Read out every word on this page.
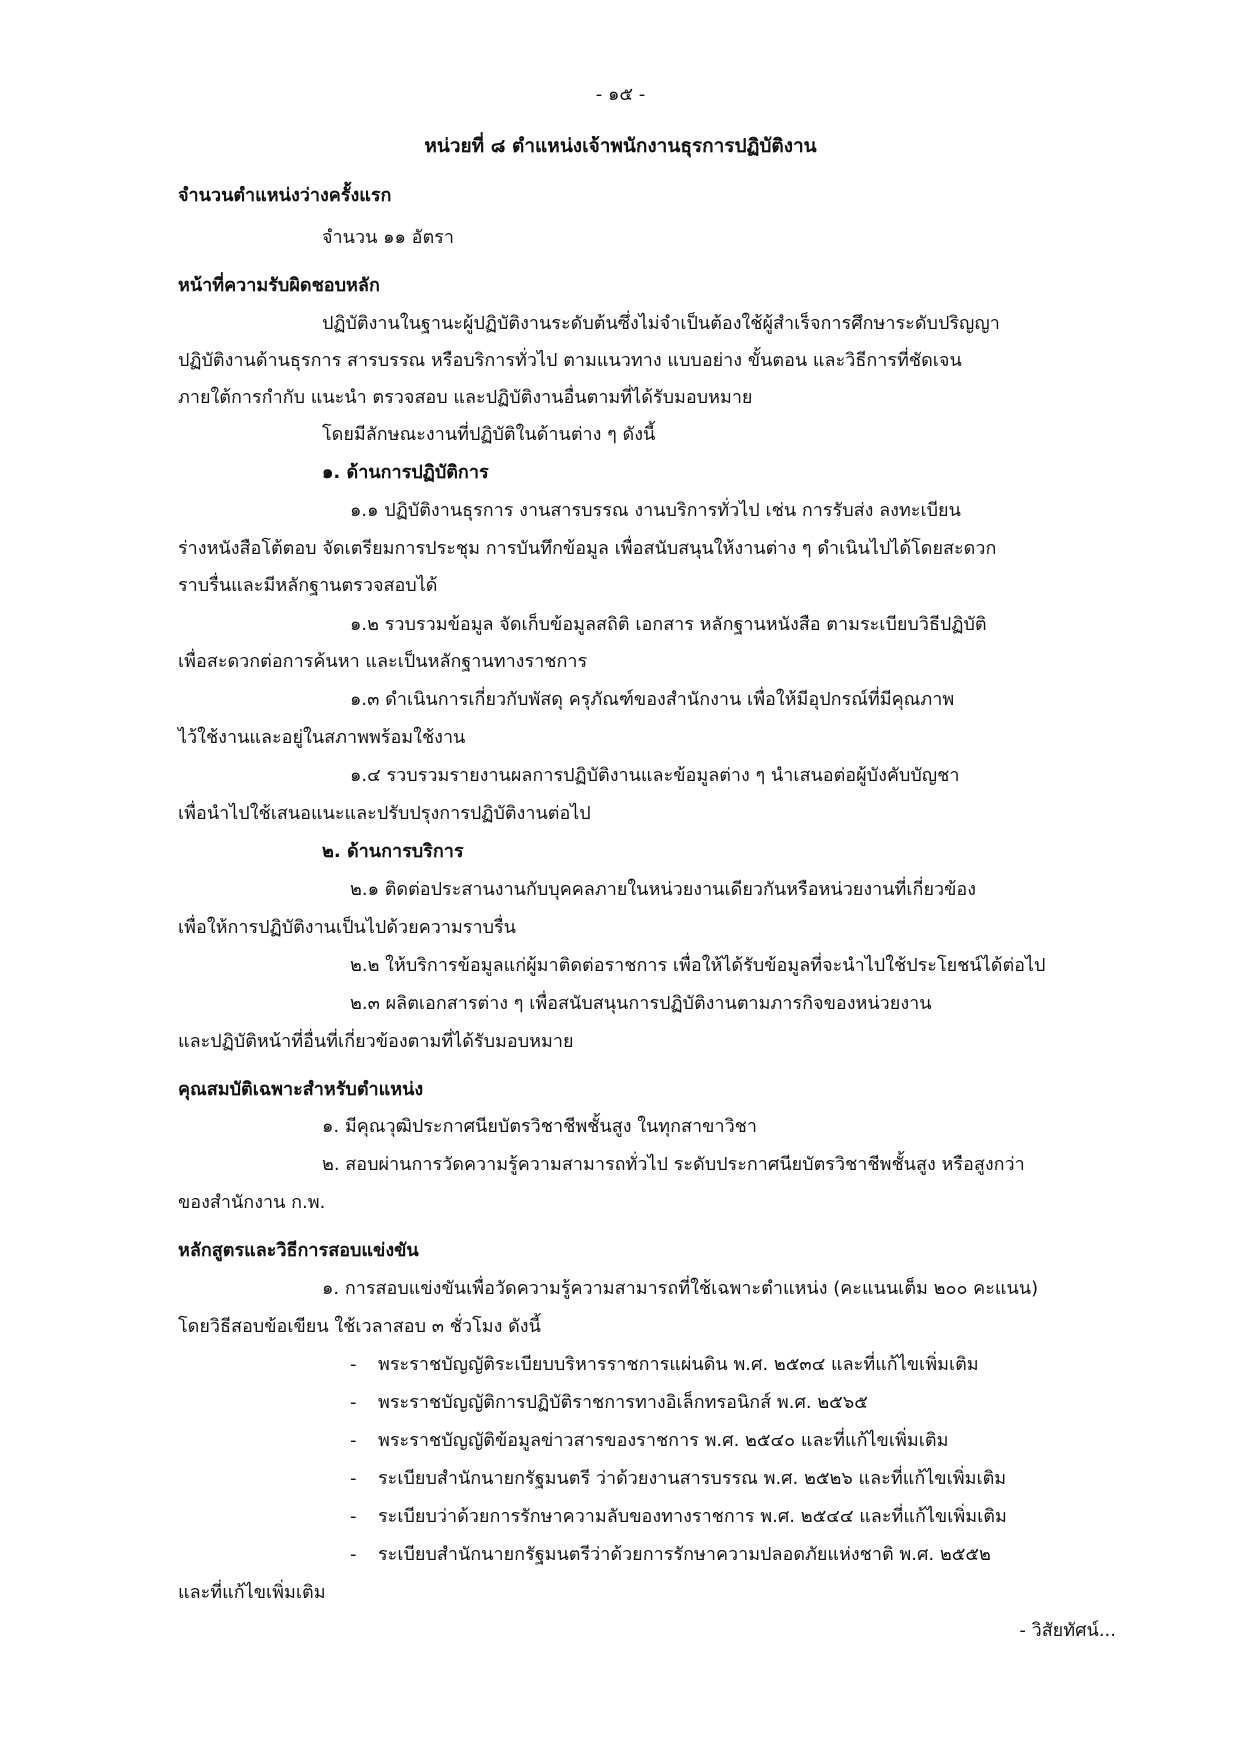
- ๑๕ -
หน่วยที่ ๘ ตำแหน่งเจ้าพนักงานธุรการปฏิบัติงาน
จำนวนตำแหน่งว่างครั้งแรก
จำนวน ๑๑ อัตรา
หน้าที่ความรับผิดชอบหลัก
ปฏิบัติงานในฐานะผู้ปฏิบัติงานระดับต้นซึ่งไม่จำเป็นต้องใช้ผู้สำเร็จการศึกษาระดับปริญญา
ปฏิบัติงานด้านธุรการ สารบรรณ หรือบริการทั่วไป ตามแนวทาง แบบอย่าง ขั้นตอน และวิธีการที่ชัดเจน
ภายใต้การกำกับ แนะนำ ตรวจสอบ และปฏิบัติงานอื่นตามที่ได้รับมอบหมาย
โดยมีลักษณะงานที่ปฏิบัติในด้านต่าง ๆ ดังนี้
๑. ด้านการปฏิบัติการ
๑.๑ ปฏิบัติงานธุรการ งานสารบรรณ งานบริการทั่วไป เช่น การรับส่ง ลงทะเบียน
ร่างหนังสือโต้ตอบ จัดเตรียมการประชุม การบันทึกข้อมูล เพื่อสนับสนุนให้งานต่าง ๆ ดำเนินไปได้โดยสะดวก
ราบรื่นและมีหลักฐานตรวจสอบได้
๑.๒ รวบรวมข้อมูล จัดเก็บข้อมูลสถิติ เอกสาร หลักฐานหนังสือ ตามระเบียบวิธีปฏิบัติ
เพื่อสะดวกต่อการค้นหา และเป็นหลักฐานทางราชการ
๑.๓ ดำเนินการเกี่ยวกับพัสดุ ครุภัณฑ์ของสำนักงาน เพื่อให้มีอุปกรณ์ที่มีคุณภาพ
ไว้ใช้งานและอยู่ในสภาพพร้อมใช้งาน
๑.๔ รวบรวมรายงานผลการปฏิบัติงานและข้อมูลต่าง ๆ นำเสนอต่อผู้บังคับบัญชา
เพื่อนำไปใช้เสนอแนะและปรับปรุงการปฏิบัติงานต่อไป
๒. ด้านการบริการ
๒.๑ ติดต่อประสานงานกับบุคคลภายในหน่วยงานเดียวกันหรือหน่วยงานที่เกี่ยวข้อง
เพื่อให้การปฏิบัติงานเป็นไปด้วยความราบรื่น
๒.๒ ให้บริการข้อมูลแก่ผู้มาติดต่อราชการ เพื่อให้ได้รับข้อมูลที่จะนำไปใช้ประโยชน์ได้ต่อไป
๒.๓ ผลิตเอกสารต่าง ๆ เพื่อสนับสนุนการปฏิบัติงานตามภารกิจของหน่วยงาน
และปฏิบัติหน้าที่อื่นที่เกี่ยวข้องตามที่ได้รับมอบหมาย
คุณสมบัติเฉพาะสำหรับตำแหน่ง
๑. มีคุณวุฒิประกาศนียบัตรวิชาชีพชั้นสูง ในทุกสาขาวิชา
๒. สอบผ่านการวัดความรู้ความสามารถทั่วไป ระดับประกาศนียบัตรวิชาชีพชั้นสูง หรือสูงกว่า
ของสำนักงาน ก.พ.
หลักสูตรและวิธีการสอบแข่งขัน
๑. การสอบแข่งขันเพื่อวัดความรู้ความสามารถที่ใช้เฉพาะตำแหน่ง (คะแนนเต็ม ๒๐๐ คะแนน)
โดยวิธีสอบข้อเขียน ใช้เวลาสอบ ๓ ชั่วโมง ดังนี้
- พระราชบัญญัติระเบียบบริหารราชการแผ่นดิน พ.ศ. ๒๕๓๔ และที่แก้ไขเพิ่มเติม
- พระราชบัญญัติการปฏิบัติราชการทางอิเล็กทรอนิกส์ พ.ศ. ๒๕๖๕
- พระราชบัญญัติข้อมูลข่าวสารของราชการ พ.ศ. ๒๕๔๐ และที่แก้ไขเพิ่มเติม
- ระเบียบสำนักนายกรัฐมนตรี ว่าด้วยงานสารบรรณ พ.ศ. ๒๕๒๖ และที่แก้ไขเพิ่มเติม
- ระเบียบว่าด้วยการรักษาความลับของทางราชการ พ.ศ. ๒๕๔๔ และที่แก้ไขเพิ่มเติม
- ระเบียบสำนักนายกรัฐมนตรีว่าด้วยการรักษาความปลอดภัยแห่งชาติ พ.ศ. ๒๕๕๒
และที่แก้ไขเพิ่มเติม
- วิสัยทัศน์...
